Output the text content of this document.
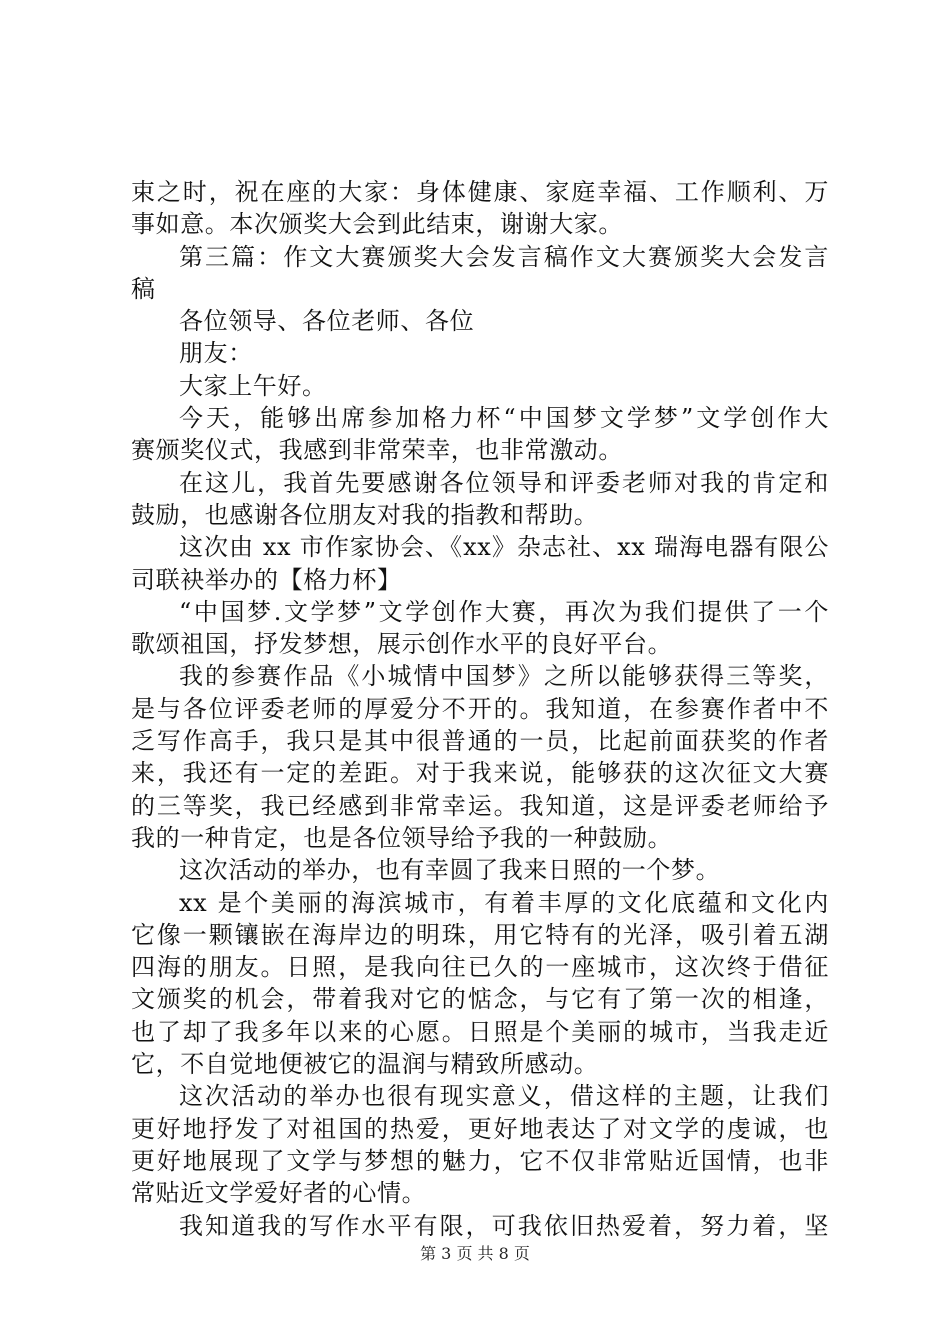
束之时，祝在座的大家：身体健康、家庭幸福、工作顺利、万
事如意。本次颁奖大会到此结束，谢谢大家。
第三篇：作文大赛颁奖大会发言稿作文大赛颁奖大会发言
稿
各位领导、各位老师、各位
朋友：
大家上午好。
今天，能够出席参加格力杯“中国梦文学梦”文学创作大
赛颁奖仪式，我感到非常荣幸，也非常激动。
在这儿，我首先要感谢各位领导和评委老师对我的肯定和
鼓励，也感谢各位朋友对我的指教和帮助。
这次由 xx 市作家协会、《xx》杂志社、xx 瑞海电器有限公
司联袂举办的【格力杯】
“中国梦.文学梦”文学创作大赛，再次为我们提供了一个
歌颂祖国，抒发梦想，展示创作水平的良好平台。
我的参赛作品《小城情中国梦》之所以能够获得三等奖，
是与各位评委老师的厚爱分不开的。我知道，在参赛作者中不
乏写作高手，我只是其中很普通的一员，比起前面获奖的作者
来，我还有一定的差距。对于我来说，能够获的这次征文大赛
的三等奖，我已经感到非常幸运。我知道，这是评委老师给予
我的一种肯定，也是各位领导给予我的一种鼓励。
这次活动的举办，也有幸圆了我来日照的一个梦。
xx 是个美丽的海滨城市，有着丰厚的文化底蕴和文化内
它像一颗镶嵌在海岸边的明珠，用它特有的光泽，吸引着五湖
四海的朋友。日照，是我向往已久的一座城市，这次终于借征
文颁奖的机会，带着我对它的惦念，与它有了第一次的相逢，
也了却了我多年以来的心愿。日照是个美丽的城市，当我走近
它，不自觉地便被它的温润与精致所感动。
这次活动的举办也很有现实意义，借这样的主题，让我们
更好地抒发了对祖国的热爱，更好地表达了对文学的虔诚，也
更好地展现了文学与梦想的魅力，它不仅非常贴近国情，也非
常贴近文学爱好者的心情。
我知道我的写作水平有限，可我依旧热爱着，努力着，坚
第 3 页 共 8 页
